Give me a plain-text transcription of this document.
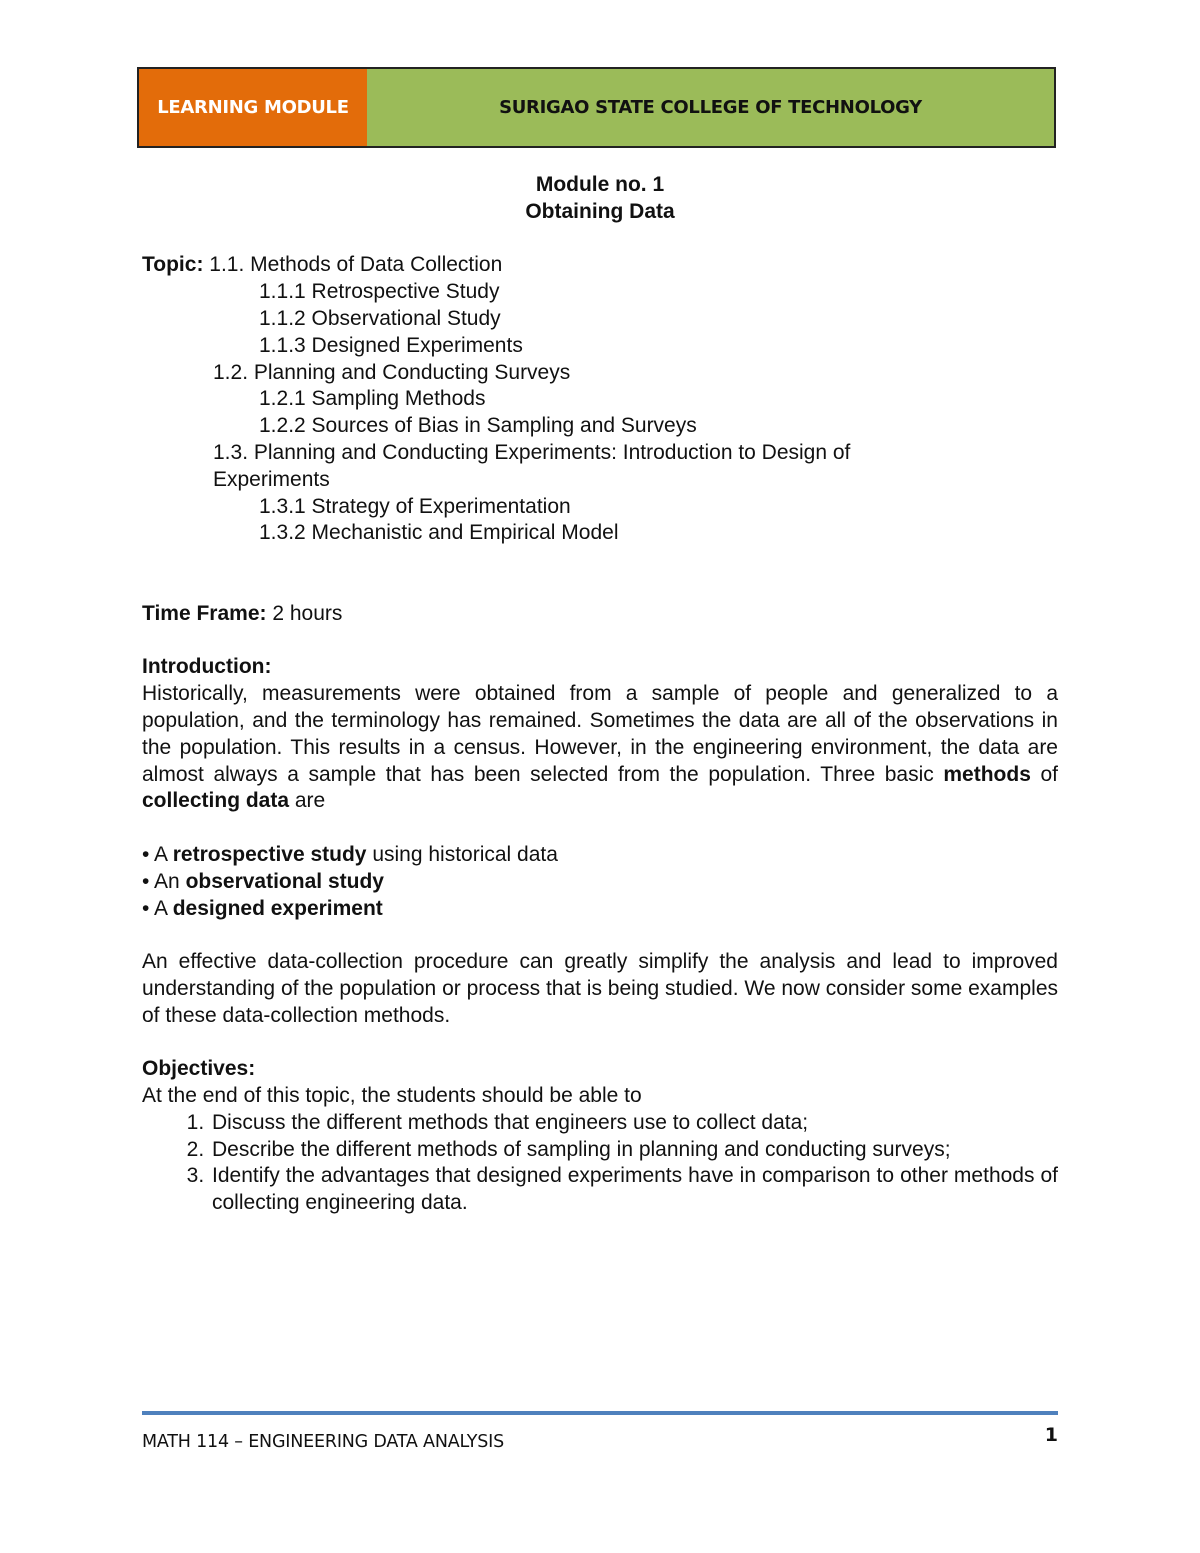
LEARNING MODULE	SURIGAO STATE COLLEGE OF TECHNOLOGY
Module no. 1
Obtaining Data
Topic: 1.1. Methods of Data Collection
1.1.1 Retrospective Study
1.1.2 Observational Study
1.1.3 Designed Experiments
1.2. Planning and Conducting Surveys
1.2.1 Sampling Methods
1.2.2 Sources of Bias in Sampling and Surveys
1.3. Planning and Conducting Experiments: Introduction to Design of Experiments
1.3.1 Strategy of Experimentation
1.3.2 Mechanistic and Empirical Model
Time Frame: 2 hours
Introduction:
Historically, measurements were obtained from a sample of people and generalized to a population, and the terminology has remained. Sometimes the data are all of the observations in the population. This results in a census. However, in the engineering environment, the data are almost always a sample that has been selected from the population. Three basic methods of collecting data are
• A retrospective study using historical data
• An observational study
• A designed experiment
An effective data-collection procedure can greatly simplify the analysis and lead to improved understanding of the population or process that is being studied. We now consider some examples of these data-collection methods.
Objectives:
At the end of this topic, the students should be able to
1. Discuss the different methods that engineers use to collect data;
2. Describe the different methods of sampling in planning and conducting surveys;
3. Identify the advantages that designed experiments have in comparison to other methods of collecting engineering data.
MATH 114 – ENGINEERING DATA ANALYSIS	1
